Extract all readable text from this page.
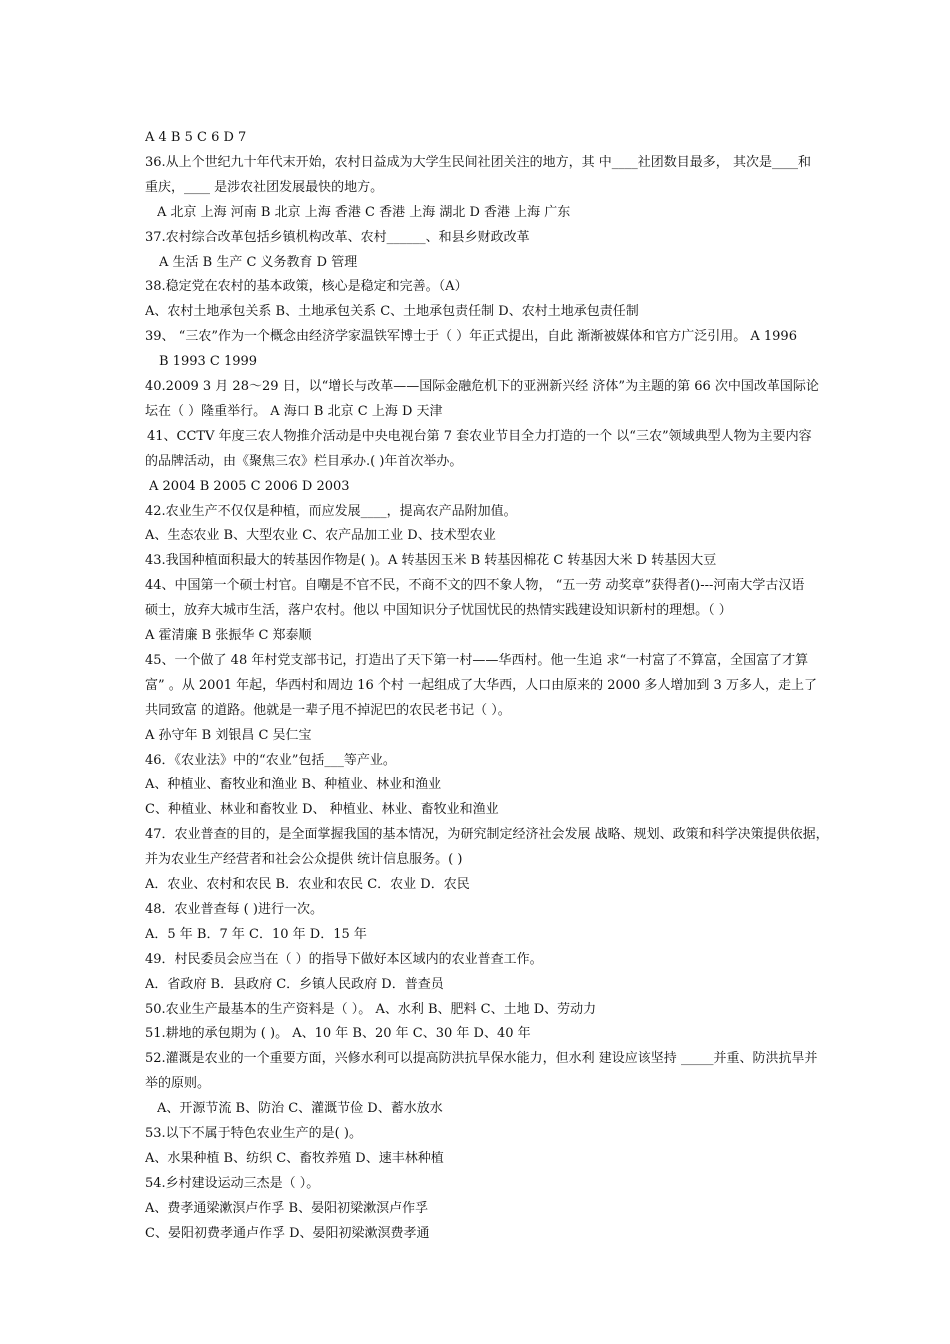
A 4 B 5 C 6 D 7
36.从上个世纪九十年代末开始，农村日益成为大学生民间社团关注的地方，其 中____社团数目最多， 其次是____和
重庆，____ 是涉农社团发展最快的地方。
A 北京 上海 河南 B 北京 上海 香港 C 香港 上海 湖北 D 香港 上海 广东
37.农村综合改革包括乡镇机构改革、农村______、和县乡财政改革
A 生活 B 生产 C 义务教育 D 管理
38.稳定党在农村的基本政策，核心是稳定和完善。（A）
A、农村土地承包关系 B、土地承包关系 C、土地承包责任制 D、农村土地承包责任制
39、 “三农”作为一个概念由经济学家温铁军博士于（ ）年正式提出，自此 渐渐被媒体和官方广泛引用。 A 1996
B 1993 C 1999
40.2009 3 月 28～29 日，以“增长与改革——国际金融危机下的亚洲新兴经 济体”为主题的第 66 次中国改革国际论
坛在（ ）隆重举行。 A 海口 B 北京 C 上海 D 天津
41、CCTV 年度三农人物推介活动是中央电视台第 7 套农业节目全力打造的一个 以“三农”领域典型人物为主要内容
的品牌活动，由《聚焦三农》栏目承办.( )年首次举办。
A 2004 B 2005 C 2006 D 2003
42.农业生产不仅仅是种植，而应发展____，提高农产品附加值。
A、生态农业 B、大型农业 C、农产品加工业 D、技术型农业
43.我国种植面积最大的转基因作物是( )。A 转基因玉米 B 转基因棉花 C 转基因大米 D 转基因大豆
44、中国第一个硕士村官。自嘲是不官不民，不商不文的四不象人物， “五一劳 动奖章”获得者()---河南大学古汉语
硕士，放弃大城市生活，落户农村。他以 中国知识分子忧国忧民的热情实践建设知识新村的理想。（ ）
A 霍清廉 B 张振华 C 郑泰顺
45、一个做了 48 年村党支部书记，打造出了天下第一村——华西村。他一生追 求“一村富了不算富，全国富了才算
富” 。从 2001 年起，华西村和周边 16 个村 一起组成了大华西，人口由原来的 2000 多人增加到 3 万多人，走上了
共同致富 的道路。他就是一辈子甩不掉泥巴的农民老书记（ ）。
A 孙守年 B 刘银昌 C 吴仁宝
46．《农业法》中的“农业”包括___等产业。
A、种植业、畜牧业和渔业 B、种植业、林业和渔业
C、种植业、林业和畜牧业 D、 种植业、林业、畜牧业和渔业
47．农业普查的目的，是全面掌握我国的基本情况，为研究制定经济社会发展 战略、规划、政策和科学决策提供依据，
并为农业生产经营者和社会公众提供 统计信息服务。( )
A．农业、农村和农民 B．农业和农民 C．农业 D．农民
48．农业普查每 ( )进行一次。
A．5 年 B．7 年 C．10 年 D．15 年
49．村民委员会应当在（ ）的指导下做好本区域内的农业普查工作。
A．省政府 B．县政府 C．乡镇人民政府 D．普查员
50.农业生产最基本的生产资料是（ ）。 A、水利 B、肥料 C、土地 D、劳动力
51.耕地的承包期为 ( )。 A、10 年 B、20 年 C、30 年 D、40 年
52.灌溉是农业的一个重要方面，兴修水利可以提高防洪抗旱保水能力，但水利 建设应该坚持 _____并重、防洪抗旱并
举的原则。
A、开源节流 B、防治 C、灌溉节俭 D、蓄水放水
53.以下不属于特色农业生产的是( )。
A、水果种植 B、纺织 C、畜牧养殖 D、速丰林种植
54.乡村建设运动三杰是（ ）。
A、费孝通梁漱溟卢作孚 B、晏阳初梁漱溟卢作孚
C、晏阳初费孝通卢作孚 D、晏阳初梁漱溟费孝通
